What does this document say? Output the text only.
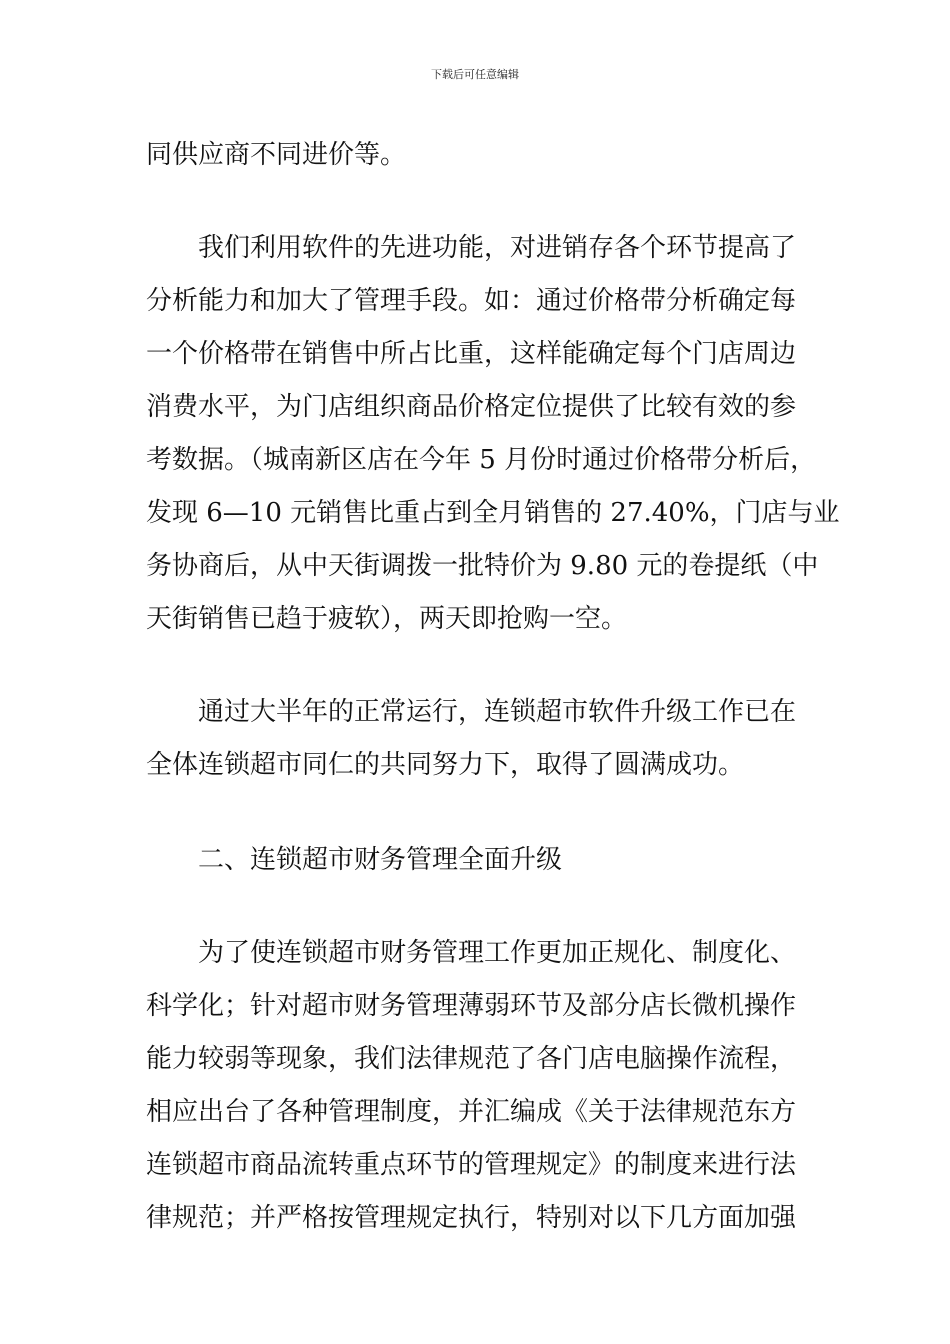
下载后可任意编辑
同供应商不同进价等。
我们利用软件的先进功能，对进销存各个环节提高了
分析能力和加大了管理手段。如：通过价格带分析确定每
一个价格带在销售中所占比重，这样能确定每个门店周边
消费水平，为门店组织商品价格定位提供了比较有效的参
考数据。（城南新区店在今年 5 月份时通过价格带分析后，
发现 6—10 元销售比重占到全月销售的 27.40%，门店与业
务协商后，从中天街调拨一批特价为 9.80 元的卷提纸（中
天街销售已趋于疲软），两天即抢购一空。
通过大半年的正常运行，连锁超市软件升级工作已在
全体连锁超市同仁的共同努力下，取得了圆满成功。
二、连锁超市财务管理全面升级
为了使连锁超市财务管理工作更加正规化、制度化、
科学化；针对超市财务管理薄弱环节及部分店长微机操作
能力较弱等现象，我们法律规范了各门店电脑操作流程，
相应出台了各种管理制度，并汇编成《关于法律规范东方
连锁超市商品流转重点环节的管理规定》的制度来进行法
律规范；并严格按管理规定执行，特别对以下几方面加强
